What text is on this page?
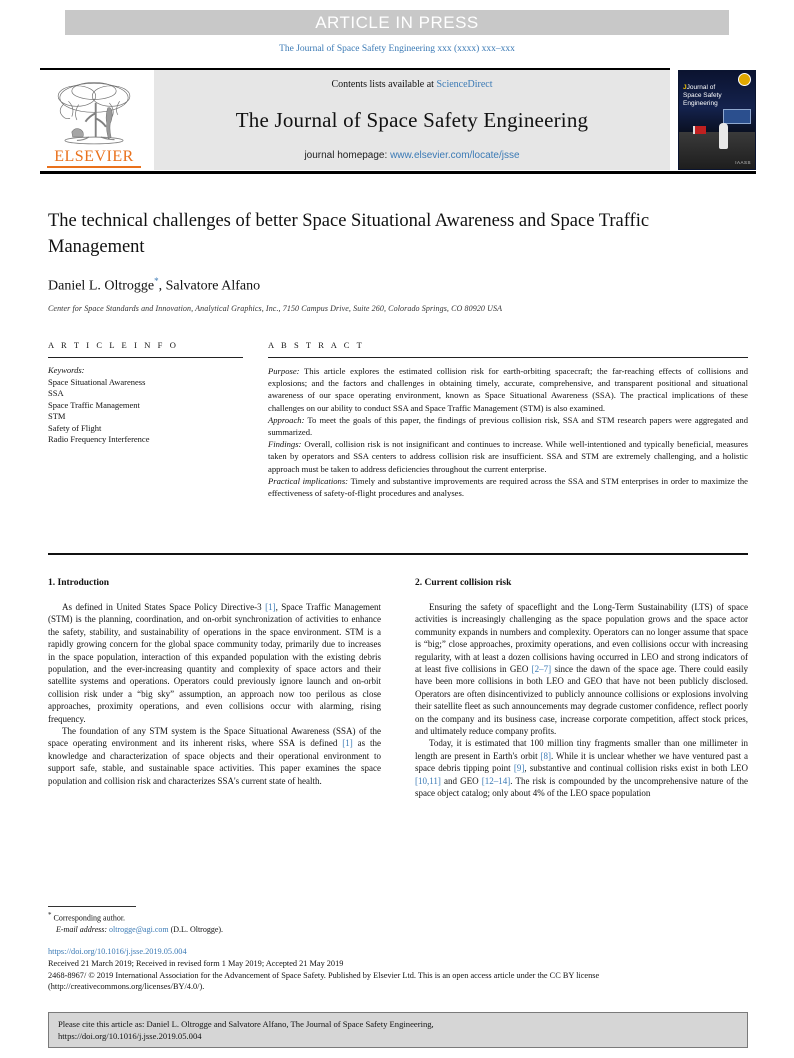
ARTICLE IN PRESS
The Journal of Space Safety Engineering xxx (xxxx) xxx–xxx
ELSEVIER
Contents lists available at ScienceDirect
The Journal of Space Safety Engineering
journal homepage: www.elsevier.com/locate/jsse
JJournal of
Space Safety
Engineering
IAASS
The technical challenges of better Space Situational Awareness and Space Traffic Management
Daniel L. Oltrogge*, Salvatore Alfano
Center for Space Standards and Innovation, Analytical Graphics, Inc., 7150 Campus Drive, Suite 260, Colorado Springs, CO 80920 USA
A R T I C L E I N F O
Keywords:
Space Situational Awareness
SSA
Space Traffic Management
STM
Safety of Flight
Radio Frequency Interference
A B S T R A C T

Purpose: This article explores the estimated collision risk for earth-orbiting spacecraft; the far-reaching effects of collisions and explosions; and the factors and challenges in obtaining timely, accurate, comprehensive, and transparent positional and situational awareness of our space operating environment, known as Space Situational Awareness (SSA). The practical implications of these challenges on our ability to conduct SSA and Space Traffic Management (STM) is also examined.

Approach: To meet the goals of this paper, the findings of previous collision risk, SSA and STM research papers were aggregated and summarized.

Findings: Overall, collision risk is not insignificant and continues to increase. While well-intentioned and typically beneficial, measures taken by operators and SSA centers to address collision risk are insufficient. SSA and STM are extremely challenging, and a holistic approach must be taken to address deficiencies throughout the current enterprise.

Practical implications: Timely and substantive improvements are required across the SSA and STM enterprises in order to maximize the effectiveness of safety-of-flight procedures and analyses.

1. Introduction

As defined in United States Space Policy Directive-3 [1], Space Traffic Management (STM) is the planning, coordination, and on-orbit synchronization of activities to enhance the safety, stability, and sustainability of operations in the space environment. STM is a rapidly growing concern for the global space community today, primarily due to increases in the space population, interaction of this expanded population with the existing debris population, and the ever-increasing quantity and complexity of space actors and their satellite systems and operations. Operators could previously ignore launch and on-orbit collision risk under a “big sky” assumption, an approach now too perilous as close approaches, proximity operations, and even collisions occur with alarming, rising frequency.

The foundation of any STM system is the Space Situational Awareness (SSA) of the space operating environment and its inherent risks, where SSA is defined [1] as the knowledge and characterization of space objects and their operational environment to support safe, stable, and sustainable space activities. This paper examines the space population and collision risk and characterizes SSA's current state of health.

2. Current collision risk

Ensuring the safety of spaceflight and the Long-Term Sustainability (LTS) of space activities is increasingly challenging as the space population grows and the space actor community expands in numbers and complexity. Operators can no longer assume that space is “big;” close approaches, proximity operations, and even collisions occur with increasing regularity, with at least a dozen collisions having occurred in LEO and strong indicators of at least five collisions in GEO [2–7] since the dawn of the space age. There could easily have been more collisions in both LEO and GEO that have not been publicly disclosed. Operators are often disincentivized to publicly announce collisions or explosions involving their satellite fleet as such announcements may degrade customer confidence, reflect poorly on the company and its business case, increase corporate competition, affect stock prices, and ultimately reduce company profits.

Today, it is estimated that 100 million tiny fragments smaller than one millimeter in length are present in Earth's orbit [8]. While it is unclear whether we have ventured past a space debris tipping point [9], substantive and continual collision risks exist in both LEO [10,11] and GEO [12–14]. The risk is compounded by the uncomprehensive nature of the space object catalog; only about 4% of the LEO space population

* Corresponding author.
E-mail address: oltrogge@agi.com (D.L. Oltrogge).
https://doi.org/10.1016/j.jsse.2019.05.004
Received 21 March 2019; Received in revised form 1 May 2019; Accepted 21 May 2019
2468-8967/ © 2019 International Association for the Advancement of Space Safety. Published by Elsevier Ltd. This is an open access article under the CC BY license (http://creativecommons.org/licenses/BY/4.0/).
Please cite this article as: Daniel L. Oltrogge and Salvatore Alfano, The Journal of Space Safety Engineering,
https://doi.org/10.1016/j.jsse.2019.05.004
